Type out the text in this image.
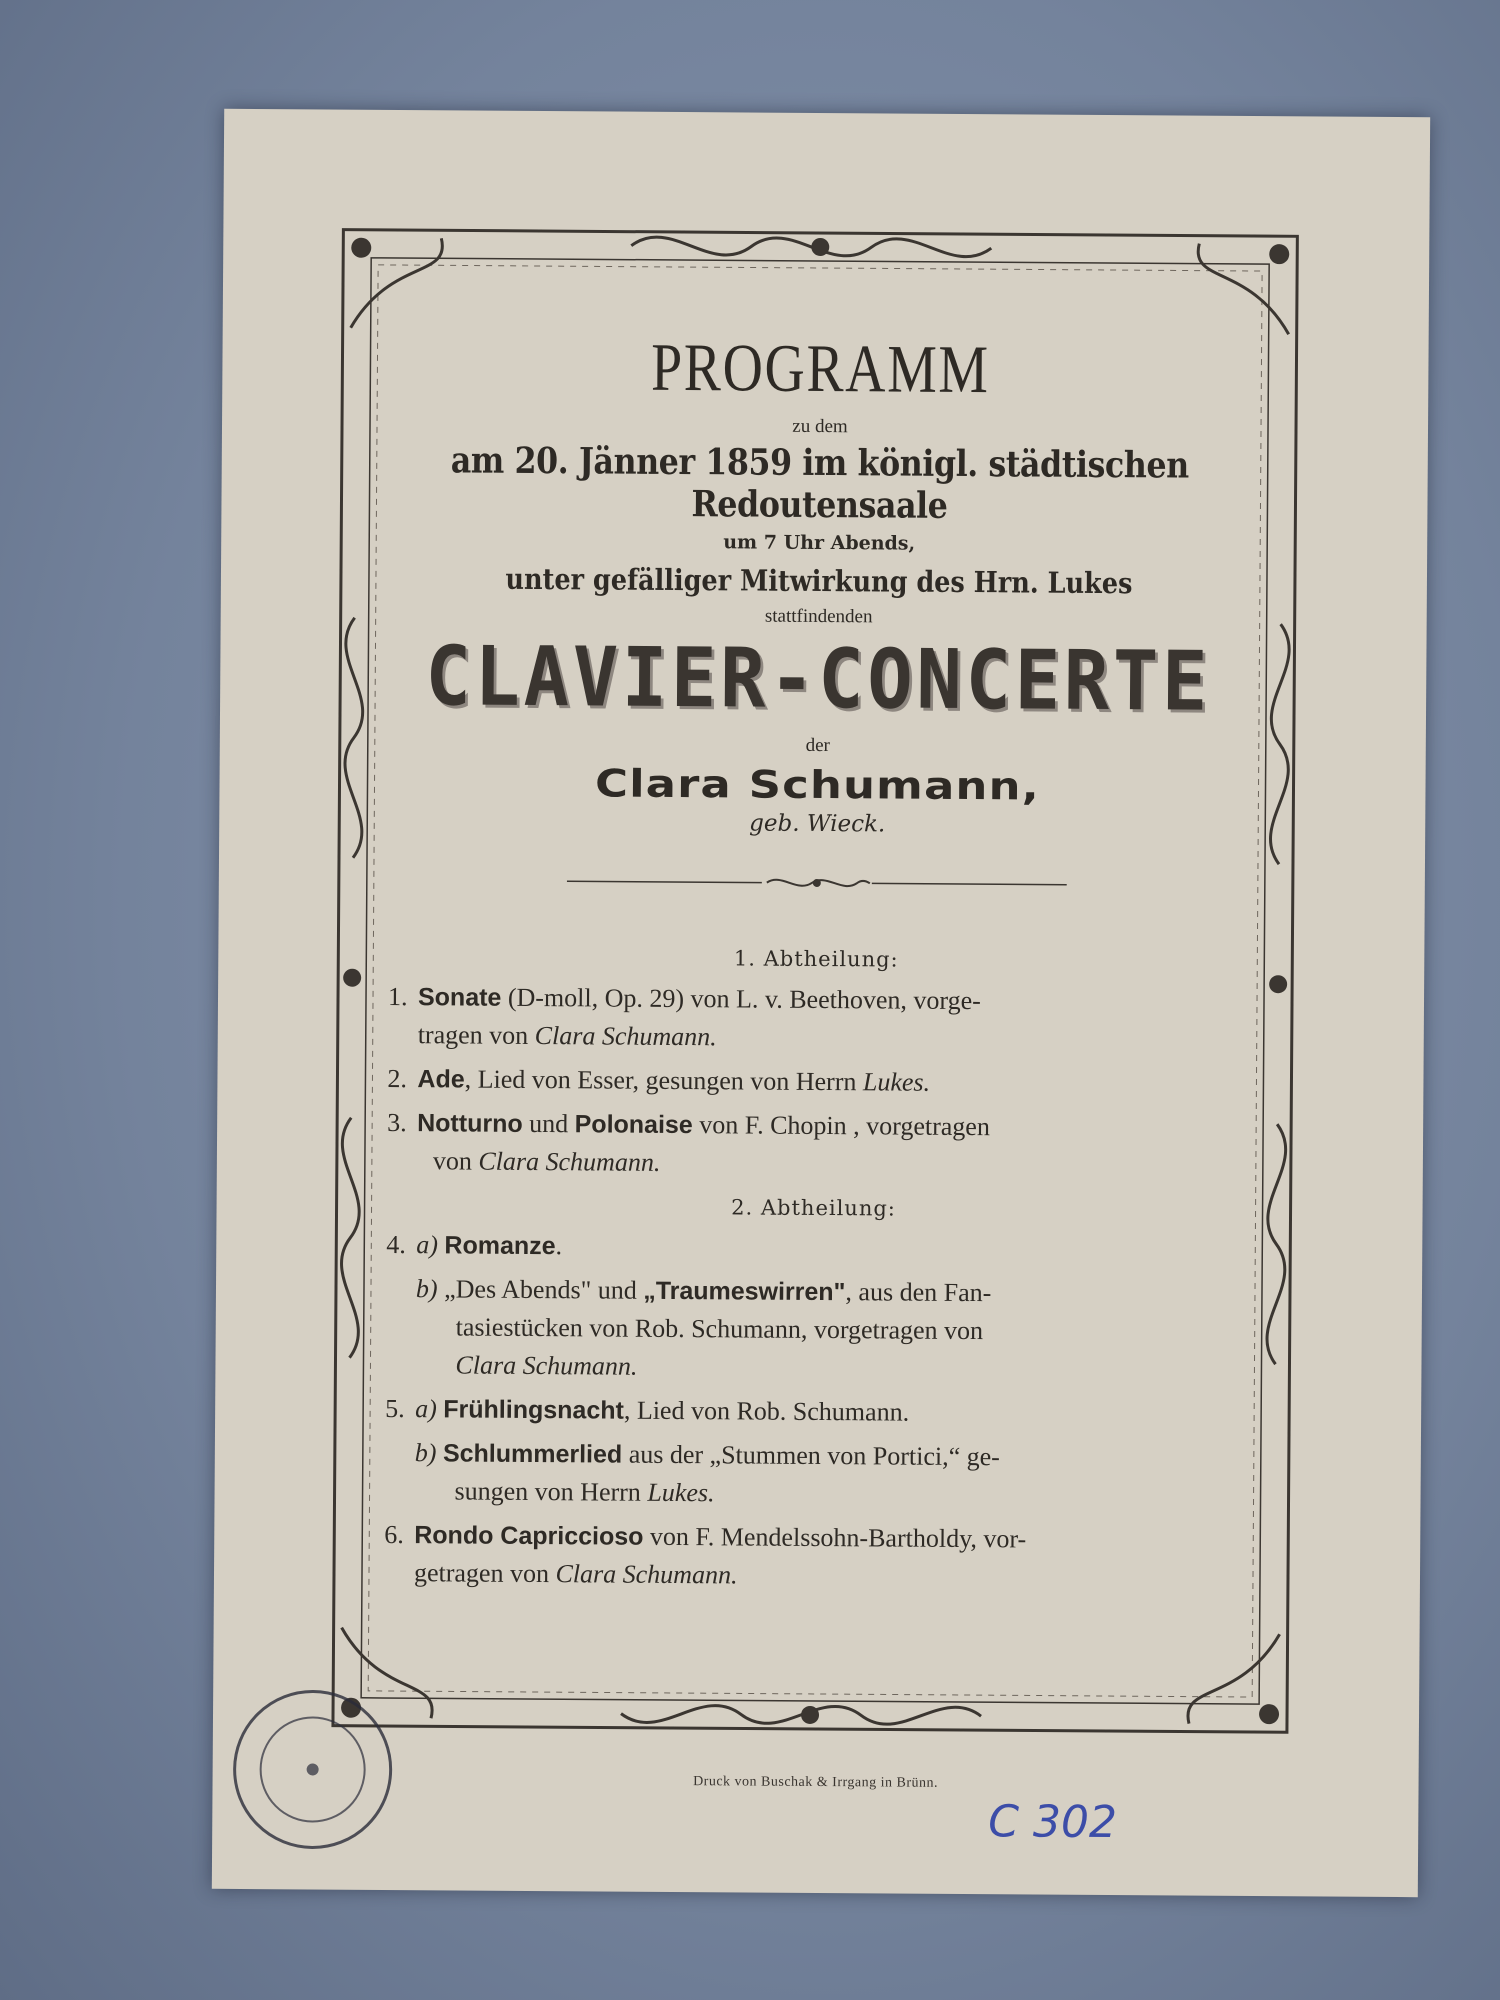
PROGRAMM
zu dem
am 20. Jänner 1859 im königl. städtischen Redoutensaale
um 7 Uhr Abends,
unter gefälliger Mitwirkung des Hrn. Lukes
stattfindenden
CLAVIER-CONCERTE
der
Clara Schumann,
geb. Wieck.
1. Abtheilung:
1. Sonate (D-moll, Op. 29) von L. v. Beethoven, vorge-
tragen von Clara Schumann.
2. Ade, Lied von Esser, gesungen von Herrn Lukes.
3. Notturno und Polonaise von F. Chopin , vorgetragen
von Clara Schumann.
2. Abtheilung:
4. a) Romanze.
b) „Des Abends" und „Traumeswirren", aus den Fan-
tasiestücken von Rob. Schumann, vorgetragen von
Clara Schumann.
5. a) Frühlingsnacht, Lied von Rob. Schumann.
b) Schlummerlied aus der „Stummen von Portici,“ ge-
sungen von Herrn Lukes.
6. Rondo Capriccioso von F. Mendelssohn-Bartholdy, vor-
getragen von Clara Schumann.
Druck von Buschak & Irrgang in Brünn.
C 302
